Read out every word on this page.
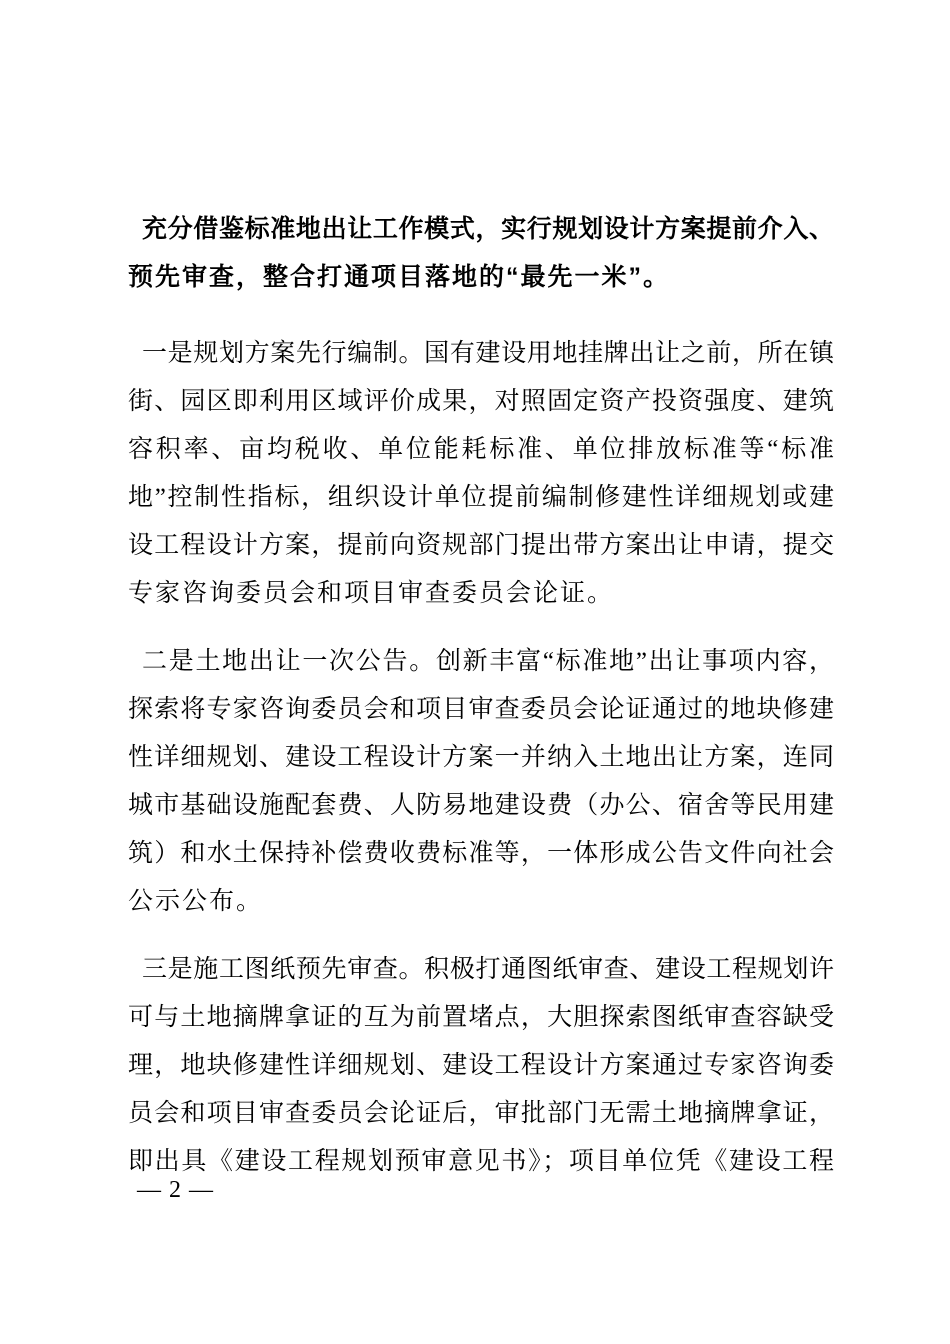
充分借鉴标准地出让工作模式，实行规划设计方案提前介入、
预先审查，整合打通项目落地的“最先一米”。
一是规划方案先行编制。国有建设用地挂牌出让之前，所在镇
街、园区即利用区域评价成果，对照固定资产投资强度、建筑
容积率、亩均税收、单位能耗标准、单位排放标准等“标准
地”控制性指标，组织设计单位提前编制修建性详细规划或建
设工程设计方案，提前向资规部门提出带方案出让申请，提交
专家咨询委员会和项目审查委员会论证。
二是土地出让一次公告。创新丰富“标准地”出让事项内容，
探索将专家咨询委员会和项目审查委员会论证通过的地块修建
性详细规划、建设工程设计方案一并纳入土地出让方案，连同
城市基础设施配套费、人防易地建设费（办公、宿舍等民用建
筑）和水土保持补偿费收费标准等，一体形成公告文件向社会
公示公布。
三是施工图纸预先审查。积极打通图纸审查、建设工程规划许
可与土地摘牌拿证的互为前置堵点，大胆探索图纸审查容缺受
理，地块修建性详细规划、建设工程设计方案通过专家咨询委
员会和项目审查委员会论证后，审批部门无需土地摘牌拿证，
即出具《建设工程规划预审意见书》；项目单位凭《建设工程
— 2 —
